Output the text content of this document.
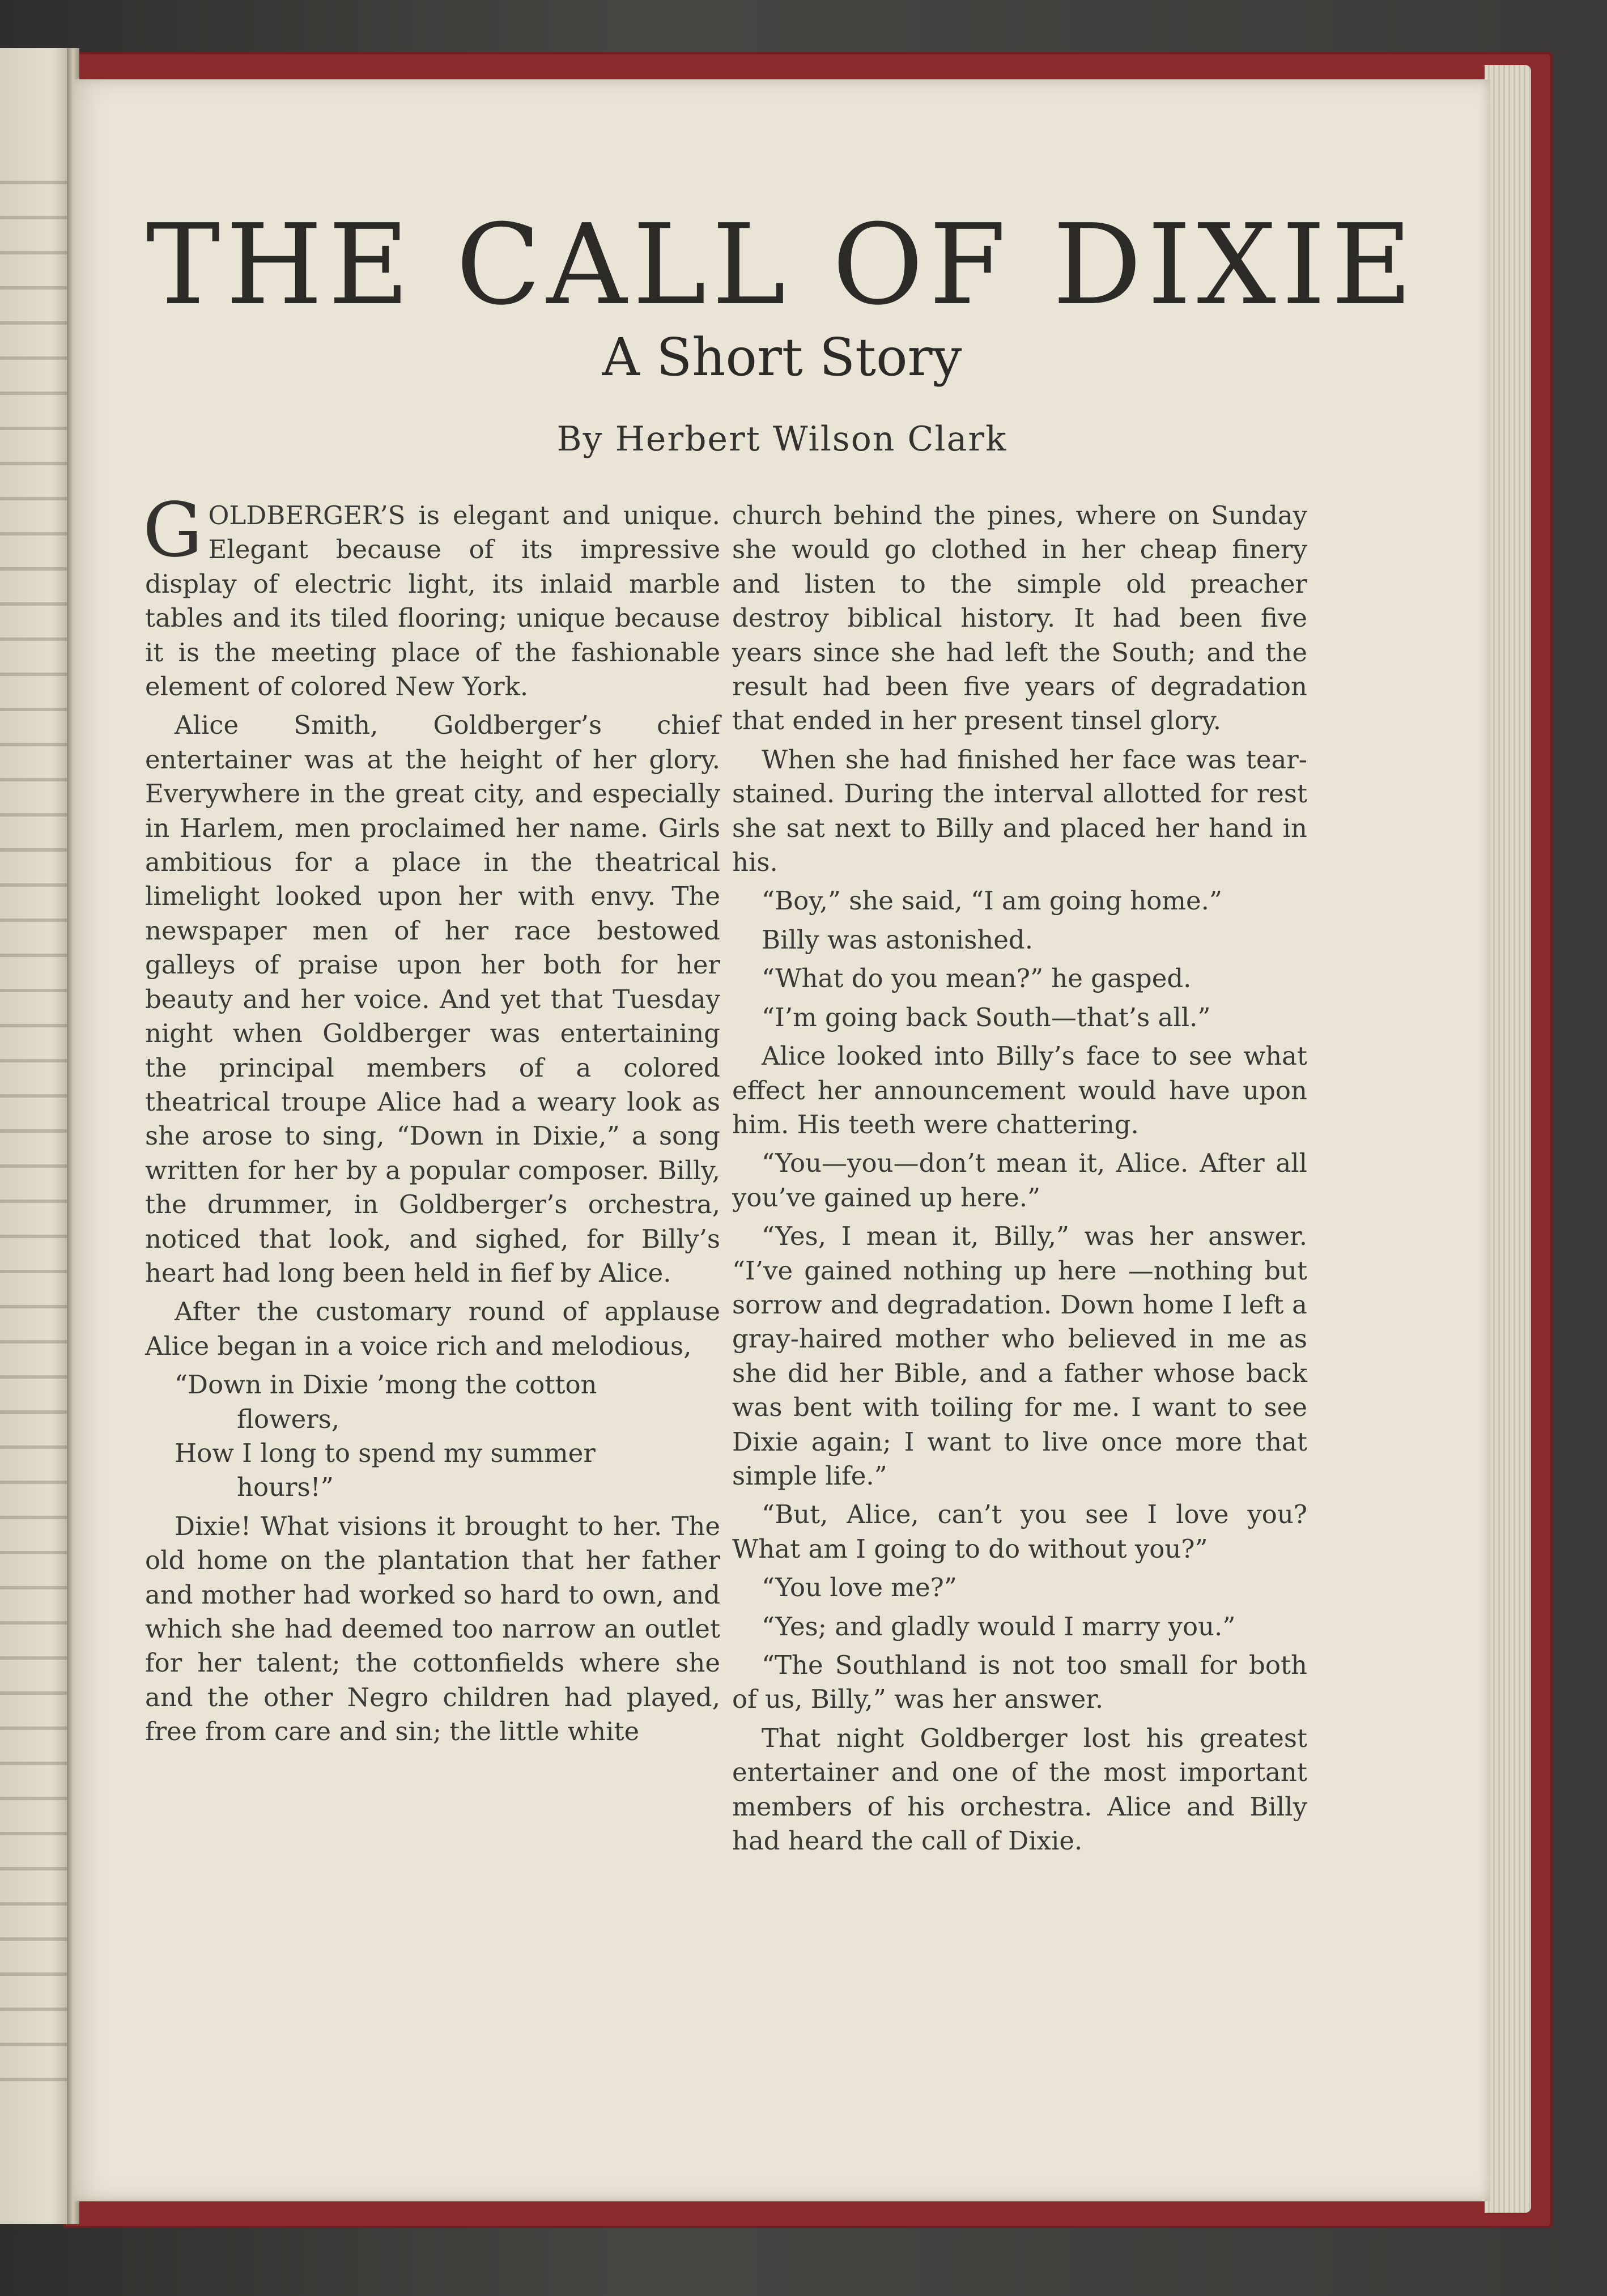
THE CALL OF DIXIE
A Short Story
By Herbert Wilson Clark

GOLDBERGER’S is elegant and unique. Elegant because of its impressive display of electric light, its inlaid marble tables and its tiled flooring; unique because it is the meeting place of the fashionable element of colored New York.

Alice Smith, Goldberger’s chief entertainer was at the height of her glory. Everywhere in the great city, and especially in Harlem, men proclaimed her name. Girls ambitious for a place in the theatrical limelight looked upon her with envy. The newspaper men of her race bestowed galleys of praise upon her both for her beauty and her voice. And yet that Tuesday night when Goldberger was entertaining the principal members of a colored theatrical troupe Alice had a weary look as she arose to sing, “Down in Dixie,” a song written for her by a popular composer. Billy, the drummer, in Goldberger’s orchestra, noticed that look, and sighed, for Billy’s heart had long been held in fief by Alice.

After the customary round of applause Alice began in a voice rich and melodious,

“Down in Dixie ’mong the cotton
flowers,

How I long to spend my summer
hours!”

Dixie! What visions it brought to her. The old home on the plantation that her father and mother had worked so hard to own, and which she had deemed too narrow an outlet for her talent; the cottonfields where she and the other Negro children had played, free from care and sin; the little white

church behind the pines, where on Sunday she would go clothed in her cheap finery and listen to the simple old preacher destroy biblical history. It had been five years since she had left the South; and the result had been five years of degradation that ended in her present tinsel glory.

When she had finished her face was tear-stained. During the interval allotted for rest she sat next to Billy and placed her hand in his.

“Boy,” she said, “I am going home.”

Billy was astonished.

“What do you mean?” he gasped.

“I’m going back South—that’s all.”

Alice looked into Billy’s face to see what effect her announcement would have upon him. His teeth were chattering.

“You—you—don’t mean it, Alice. After all you’ve gained up here.”

“Yes, I mean it, Billy,” was her answer. “I’ve gained nothing up here —nothing but sorrow and degradation. Down home I left a gray-haired mother who believed in me as she did her Bible, and a father whose back was bent with toiling for me. I want to see Dixie again; I want to live once more that simple life.”

“But, Alice, can’t you see I love you? What am I going to do without you?”

“You love me?”

“Yes; and gladly would I marry you.”

“The Southland is not too small for both of us, Billy,” was her answer.

That night Goldberger lost his greatest entertainer and one of the most important members of his orchestra. Alice and Billy had heard the call of Dixie.
